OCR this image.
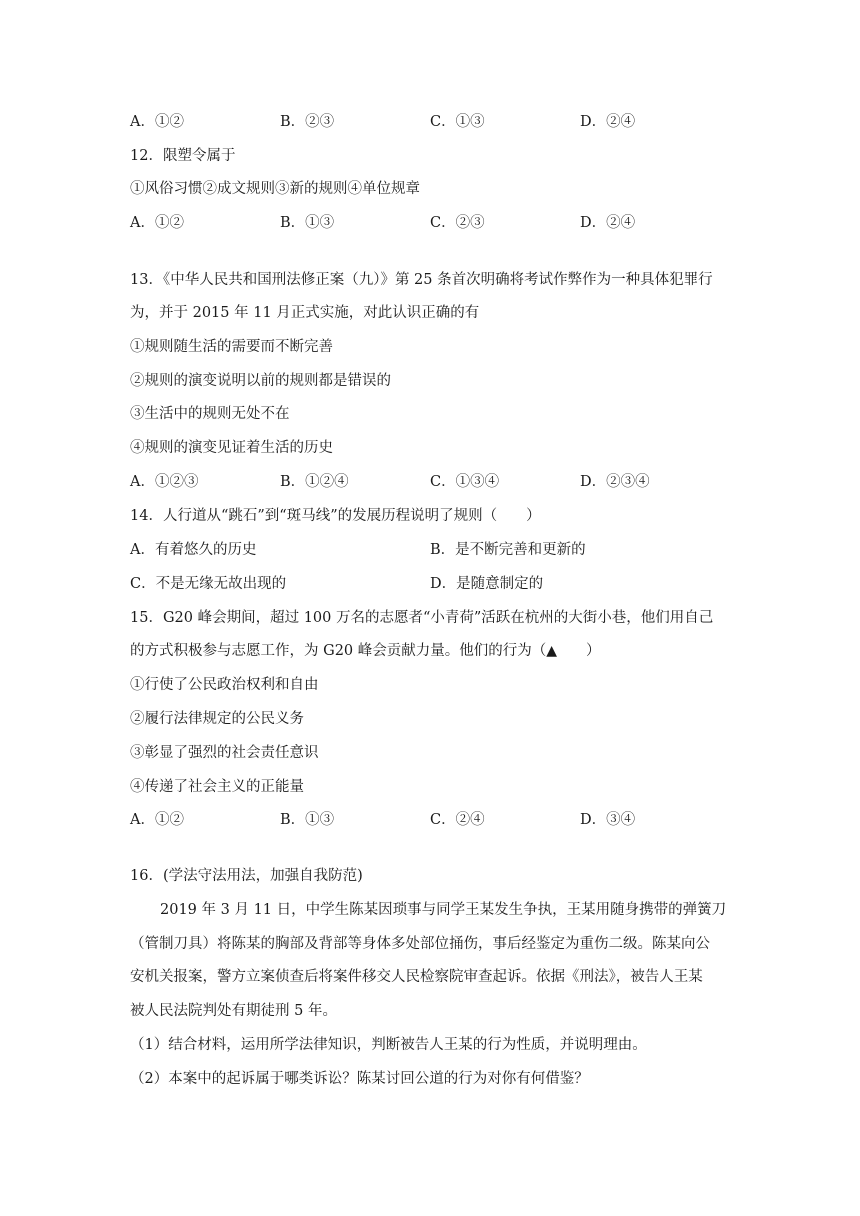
A．①②	B．②③	C．①③	D．②④
12．限塑令属于
①风俗习惯②成文规则③新的规则④单位规章
A．①②	B．①③	C．②③	D．②④
13．《中华人民共和国刑法修正案（九）》第 25 条首次明确将考试作弊作为一种具体犯罪行
为，并于 2015 年 11 月正式实施，对此认识正确的有
①规则随生活的需要而不断完善
②规则的演变说明以前的规则都是错误的
③生活中的规则无处不在
④规则的演变见证着生活的历史
A．①②③	B．①②④	C．①③④	D．②③④
14．人行道从“跳石”到“斑马线”的发展历程说明了规则（　　）
A．有着悠久的历史	B．是不断完善和更新的
C．不是无缘无故出现的	D．是随意制定的
15．G20 峰会期间，超过 100 万名的志愿者“小青荷”活跃在杭州的大街小巷，他们用自己
的方式积极参与志愿工作，为 G20 峰会贡献力量。他们的行为（▲　　）
①行使了公民政治权利和自由
②履行法律规定的公民义务
③彰显了强烈的社会责任意识
④传递了社会主义的正能量
A．①②	B．①③	C．②④	D．③④
16．(学法守法用法，加强自我防范)
2019 年 3 月 11 日，中学生陈某因琐事与同学王某发生争执，王某用随身携带的弹簧刀
（管制刀具）将陈某的胸部及背部等身体多处部位捅伤，事后经鉴定为重伤二级。陈某向公
安机关报案，警方立案侦查后将案件移交人民检察院审查起诉。依据《刑法》，被告人王某
被人民法院判处有期徒刑 5 年。
（1）结合材料，运用所学法律知识，判断被告人王某的行为性质，并说明理由。
（2）本案中的起诉属于哪类诉讼？陈某讨回公道的行为对你有何借鉴？
